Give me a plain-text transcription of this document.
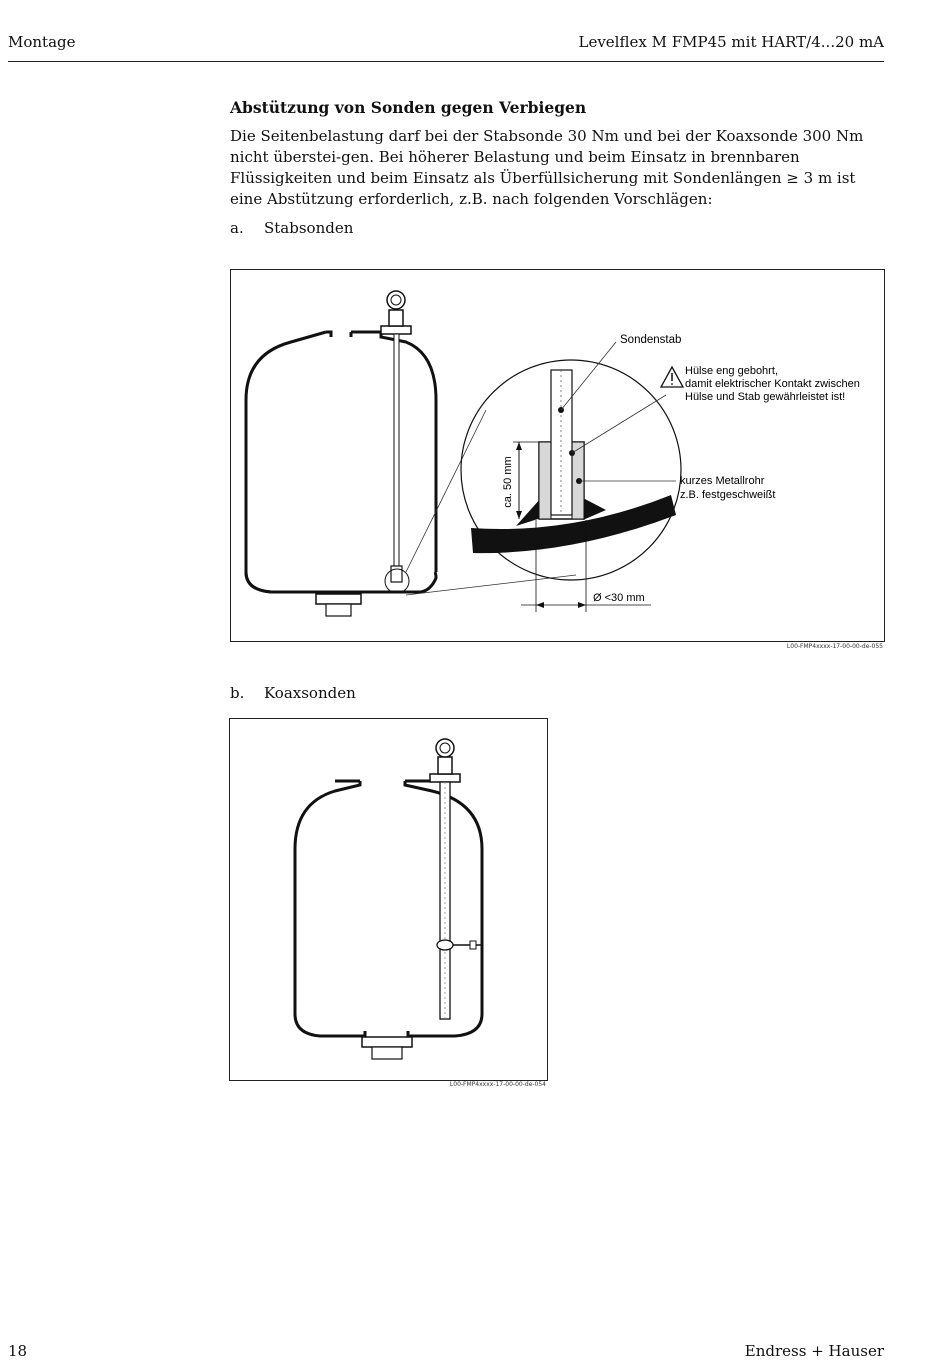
Montage	Levelflex M FMP45 mit HART/4...20 mA
Abstützung von Sonden gegen Verbiegen

Die Seitenbelastung darf bei der Stabsonde 30 Nm und bei der Koaxsonde 300 Nm nicht überstei-gen. Bei höherer Belastung und beim Einsatz in brennbaren Flüssigkeiten und beim Einsatz als Überfüllsicherung mit Sondenlängen ≥ 3 m ist eine Abstützung erforderlich, z.B. nach folgenden Vorschlägen:

a. Stabsonden
ca. 50 mm
Ø <30 mm
Sondenstab
Hülse eng gebohrt,
damit elektrischer Kontakt zwischen
Hülse und Stab gewährleistet ist!
kurzes Metallrohr
z.B. festgeschweißt
L00-FMP4xxxx-17-00-00-de-055
b. Koaxsonden
L00-FMP4xxxx-17-00-00-de-054
18	Endress + Hauser
